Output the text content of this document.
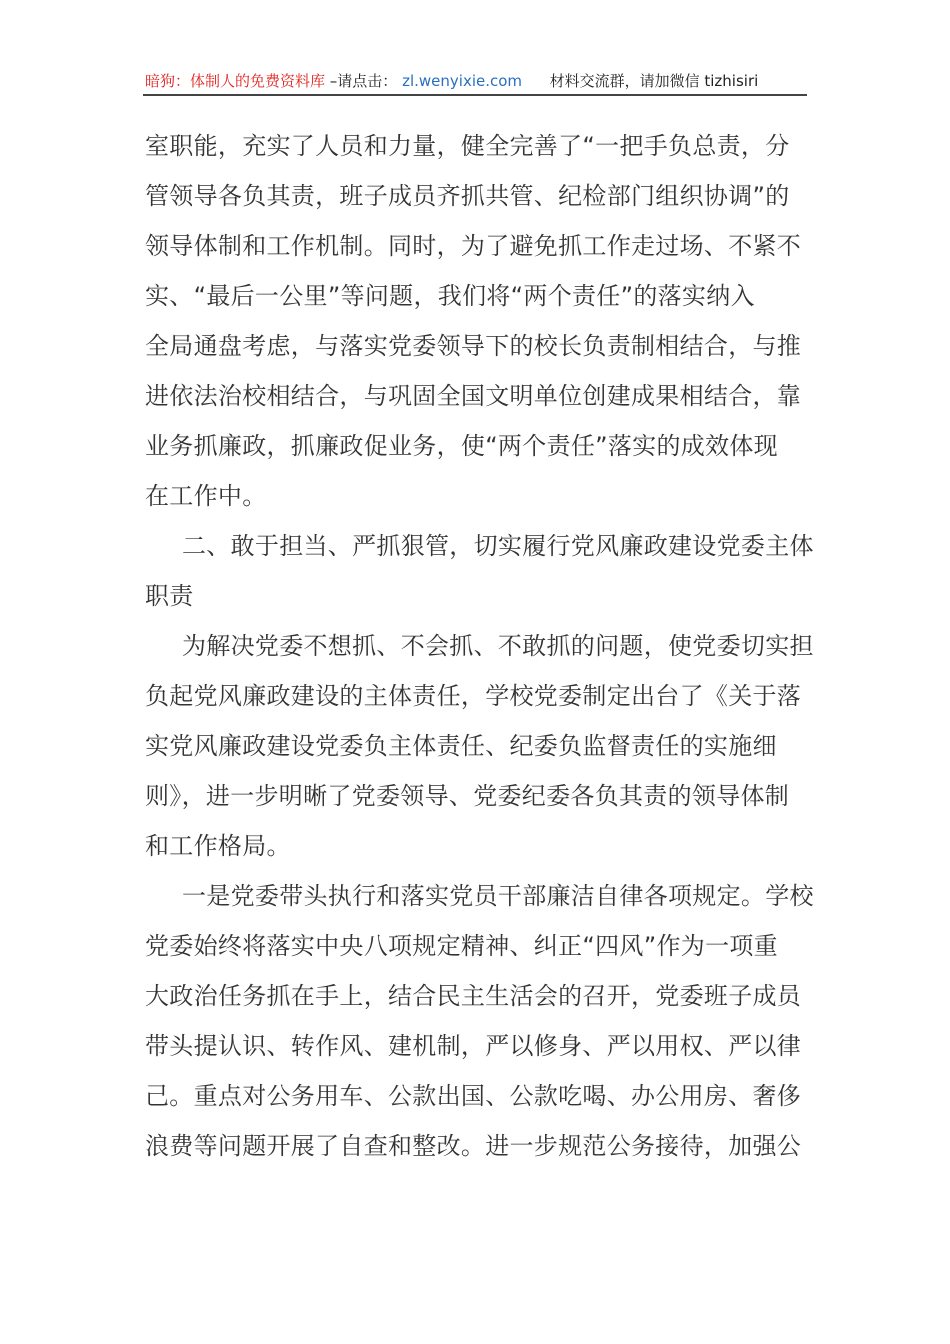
暗狗：体制人的免费资料库 –请点击： zl.wenyixie.com 材料交流群，请加微信 tizhisiri
室职能，充实了人员和力量，健全完善了“一把手负总责，分
管领导各负其责，班子成员齐抓共管、纪检部门组织协调”的
领导体制和工作机制。同时，为了避免抓工作走过场、不紧不
实、“最后一公里”等问题，我们将“两个责任”的落实纳入
全局通盘考虑，与落实党委领导下的校长负责制相结合，与推
进依法治校相结合，与巩固全国文明单位创建成果相结合，靠
业务抓廉政，抓廉政促业务，使“两个责任”落实的成效体现
在工作中。
二、敢于担当、严抓狠管，切实履行党风廉政建设党委主体
职责
为解决党委不想抓、不会抓、不敢抓的问题，使党委切实担
负起党风廉政建设的主体责任，学校党委制定出台了《关于落
实党风廉政建设党委负主体责任、纪委负监督责任的实施细
则》，进一步明晰了党委领导、党委纪委各负其责的领导体制
和工作格局。
一是党委带头执行和落实党员干部廉洁自律各项规定。学校
党委始终将落实中央八项规定精神、纠正“四风”作为一项重
大政治任务抓在手上，结合民主生活会的召开，党委班子成员
带头提认识、转作风、建机制，严以修身、严以用权、严以律
己。重点对公务用车、公款出国、公款吃喝、办公用房、奢侈
浪费等问题开展了自查和整改。进一步规范公务接待，加强公
